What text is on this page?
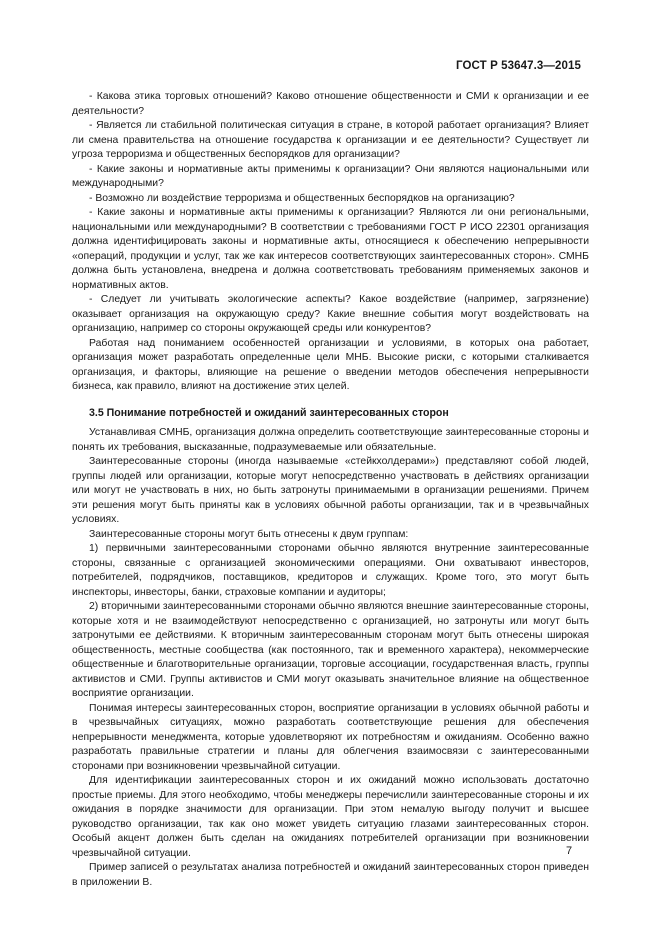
ГОСТ Р 53647.3—2015

- Какова этика торговых отношений? Каково отношение общественности и СМИ к организации и ее деятельности?

- Является ли стабильной политическая ситуация в стране, в которой работает организация? Влияет ли смена правительства на отношение государства к организации и ее деятельности? Существует ли угроза терроризма и общественных беспорядков для организации?

- Какие законы и нормативные акты применимы к организации? Они являются национальными или международными?

- Возможно ли воздействие терроризма и общественных беспорядков на организацию?

- Какие законы и нормативные акты применимы к организации? Являются ли они региональными, национальными или международными? В соответствии с требованиями ГОСТ Р ИСО 22301 организация должна идентифицировать законы и нормативные акты, относящиеся к обеспечению непрерывности «операций, продукции и услуг, так же как интересов соответствующих заинтересованных сторон». СМНБ должна быть установлена, внедрена и должна соответствовать требованиям применяемых законов и нормативных актов.

- Следует ли учитывать экологические аспекты? Какое воздействие (например, загрязнение) оказывает организация на окружающую среду? Какие внешние события могут воздействовать на организацию, например со стороны окружающей среды или конкурентов?

Работая над пониманием особенностей организации и условиями, в которых она работает, организация может разработать определенные цели МНБ. Высокие риски, с которыми сталкивается организация, и факторы, влияющие на решение о введении методов обеспечения непрерывности бизнеса, как правило, влияют на достижение этих целей.

3.5 Понимание потребностей и ожиданий заинтересованных сторон

Устанавливая СМНБ, организация должна определить соответствующие заинтересованные стороны и понять их требования, высказанные, подразумеваемые или обязательные.

Заинтересованные стороны (иногда называемые «стейкхолдерами») представляют собой людей, группы людей или организации, которые могут непосредственно участвовать в действиях организации или могут не участвовать в них, но быть затронуты принимаемыми в организации решениями. Причем эти решения могут быть приняты как в условиях обычной работы организации, так и в чрезвычайных условиях.

Заинтересованные стороны могут быть отнесены к двум группам:

1) первичными заинтересованными сторонами обычно являются внутренние заинтересованные стороны, связанные с организацией экономическими операциями. Они охватывают инвесторов, потребителей, подрядчиков, поставщиков, кредиторов и служащих. Кроме того, это могут быть инспекторы, инвесторы, банки, страховые компании и аудиторы;

2) вторичными заинтересованными сторонами обычно являются внешние заинтересованные стороны, которые хотя и не взаимодействуют непосредственно с организацией, но затронуты или могут быть затронутыми ее действиями. К вторичным заинтересованным сторонам могут быть отнесены широкая общественность, местные сообщества (как постоянного, так и временного характера), некоммерческие общественные и благотворительные организации, торговые ассоциации, государственная власть, группы активистов и СМИ. Группы активистов и СМИ могут оказывать значительное влияние на общественное восприятие организации.

Понимая интересы заинтересованных сторон, восприятие организации в условиях обычной работы и в чрезвычайных ситуациях, можно разработать соответствующие решения для обеспечения непрерывности менеджмента, которые удовлетворяют их потребностям и ожиданиям. Особенно важно разработать правильные стратегии и планы для облегчения взаимосвязи с заинтересованными сторонами при возникновении чрезвычайной ситуации.

Для идентификации заинтересованных сторон и их ожиданий можно использовать достаточно простые приемы. Для этого необходимо, чтобы менеджеры перечислили заинтересованные стороны и их ожидания в порядке значимости для организации. При этом немалую выгоду получит и высшее руководство организации, так как оно может увидеть ситуацию глазами заинтересованных сторон. Особый акцент должен быть сделан на ожиданиях потребителей организации при возникновении чрезвычайной ситуации.

Пример записей о результатах анализа потребностей и ожиданий заинтересованных сторон приведен в приложении В.

7
